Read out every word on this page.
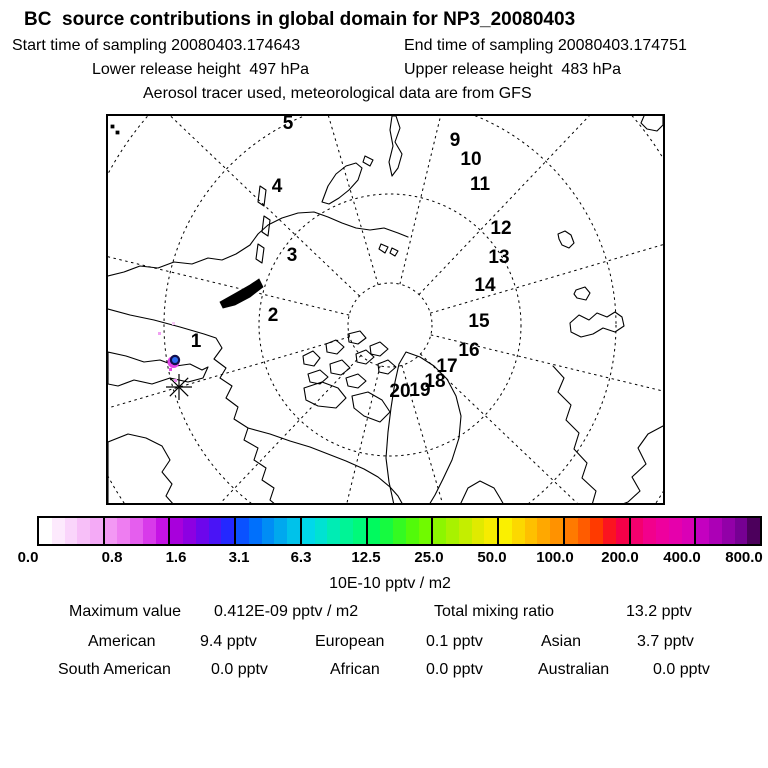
BC  source contributions in global domain for NP3_20080403
Start time of sampling 20080403.174643	End time of sampling 20080403.174751
Lower release height  497 hPa	Upper release height  483 hPa
Aerosol tracer used, meteorological data are from GFS
1
2
3
4
5
9
10
11
12
13
14
15
16
17
18
19
20
0.0	0.8	1.6	3.1	6.3	12.5 25.0 50.0 100.0 200.0 400.0 800.0
10E-10 pptv / m2
Maximum value 0.412E-09 pptv / m2	Total mixing ratio	13.2 pptv
American	9.4 pptv	European	0.1 pptv	Asian	3.7 pptv
South American	0.0 pptv	African	0.0 pptv	Australian	0.0 pptv
